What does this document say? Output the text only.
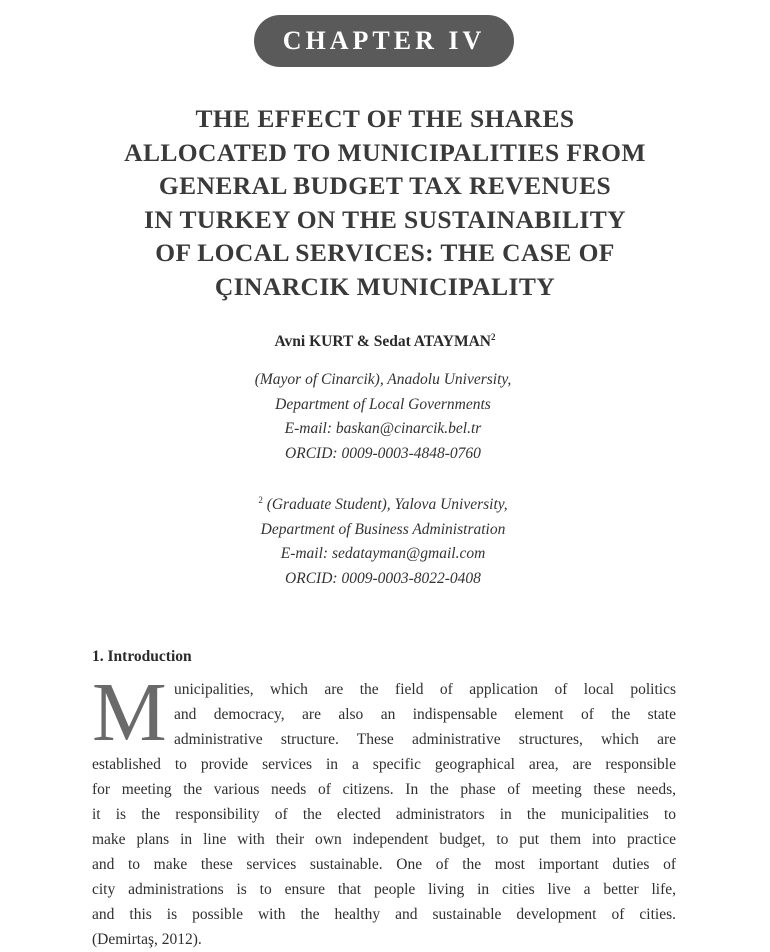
CHAPTER IV
THE EFFECT OF THE SHARES
ALLOCATED TO MUNICIPALITIES FROM
GENERAL BUDGET TAX REVENUES
IN TURKEY ON THE SUSTAINABILITY
OF LOCAL SERVICES: THE CASE OF
ÇINARCIK MUNICIPALITY
Avni KURT & Sedat ATAYMAN$^2$
(Mayor of Cinarcik), Anadolu University,
Department of Local Governments
E-mail: baskan@cinarcik.bel.tr
ORCID: 0009-0003-4848-0760
$^2$ (Graduate Student), Yalova University,
Department of Business Administration
E-mail: sedatayman@gmail.com
ORCID: 0009-0003-8022-0408
1. Introduction
M unicipalities, which are the field of application of local politics
and democracy, are also an indispensable element of the state
administrative structure. These administrative structures, which are
established to provide services in a specific geographical area, are responsible
for meeting the various needs of citizens. In the phase of meeting these needs,
it is the responsibility of the elected administrators in the municipalities to
make plans in line with their own independent budget, to put them into practice
and to make these services sustainable. One of the most important duties of
city administrations is to ensure that people living in cities live a better life,
and this is possible with the healthy and sustainable development of cities.
(Demirtaş, 2012).
